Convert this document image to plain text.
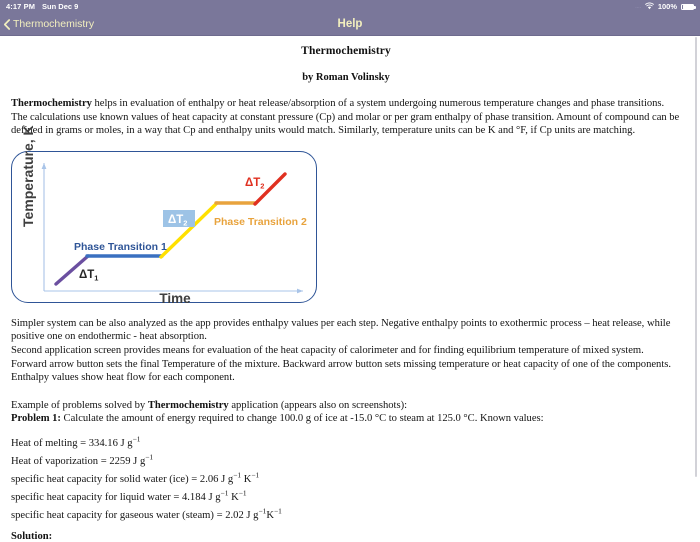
4:17 PM Sun Dec 9	.... 100%
Thermochemistry	Help
Thermochemistry
by Roman Volinsky

Thermochemistry helps in evaluation of enthalpy or heat release/absorption of a system undergoing numerous temperature changes and phase transitions. The calculations use known values of heat capacity at constant pressure (Cp) and molar or per gram enthalpy of phase transition. Amount of compound can be defined in grams or moles, in a way that Cp and enthalpy units would match. Similarly, temperature units can be K and °F, if Cp units are matching.

Temperature, K
Time
$\Delta T_1$
Phase Transition 1
$\Delta T_2$	Phase Transition 2
$\Delta T_2$

Simpler system can be also analyzed as the app provides enthalpy values per each step. Negative enthalpy points to exothermic process – heat release, while positive one on endothermic - heat absorption.

Second application screen provides means for evaluation of the heat capacity of calorimeter and for finding equilibrium temperature of mixed system. Forward arrow button sets the final Temperature of the mixture. Backward arrow button sets missing temperature or heat capacity of one of the components. Enthalpy values show heat flow for each component.

Example of problems solved by Thermochemistry application (appears also on screenshots):

Problem 1: Calculate the amount of energy required to change 100.0 g of ice at -15.0 °C to steam at 125.0 °C. Known values:

Heat of melting = 334.16 J $g^{-1}$
Heat of vaporization = 2259 J $g^{-1}$
specific heat capacity for solid water (ice) = 2.06 J $g^{-1}$ $K^{-1}$
specific heat capacity for liquid water = 4.184 J $g^{-1}$ $K^{-1}$
specific heat capacity for gaseous water (steam) = 2.02 J $g^{-1}K^{-1}$
Solution:
